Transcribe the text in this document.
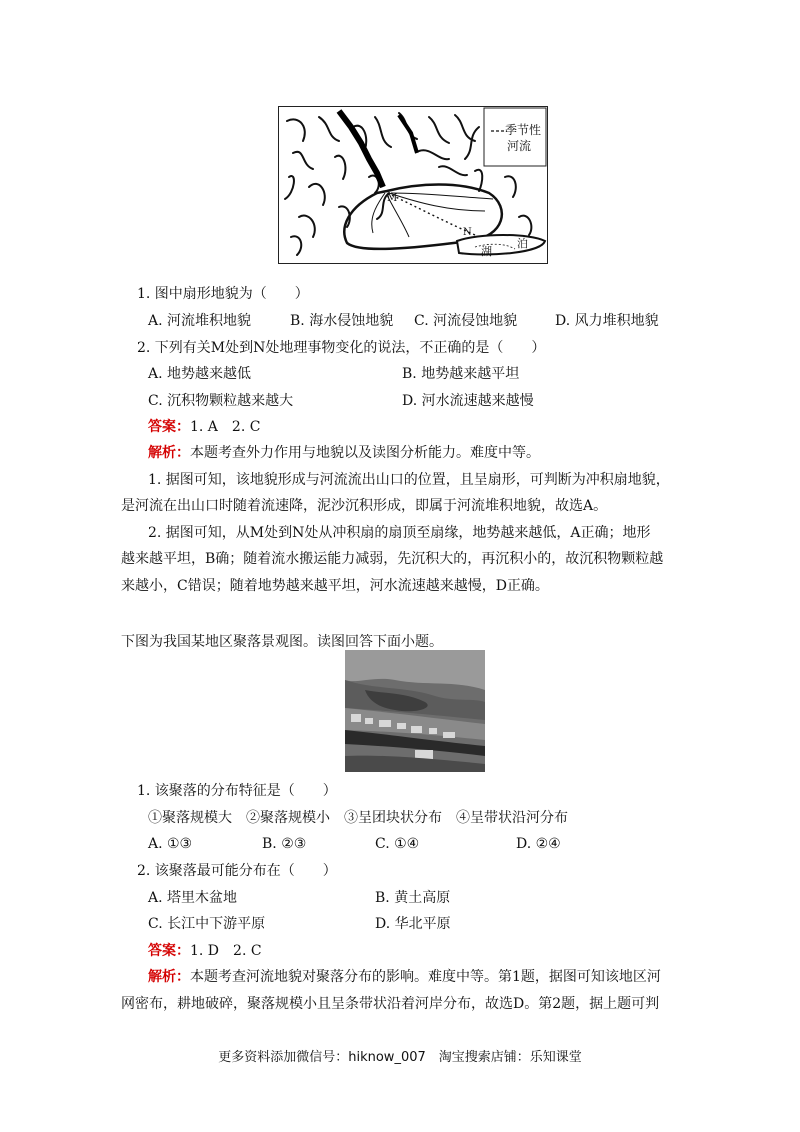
季节性
河流
M
N
湖
泊
1. 图中扇形地貌为（　　）
A. 河流堆积地貌	B. 海水侵蚀地貌 C. 河流侵蚀地貌	D. 风力堆积地貌
2. 下列有关M处到N处地理事物变化的说法，不正确的是（　　）
A. 地势越来越低	B. 地势越来越平坦
C. 沉积物颗粒越来越大	D. 河水流速越来越慢
答案：1. A　2. C
解析：本题考查外力作用与地貌以及读图分析能力。难度中等。
1. 据图可知，该地貌形成与河流流出山口的位置，且呈扇形，可判断为冲积扇地貌，
是河流在出山口时随着流速降，泥沙沉积形成，即属于河流堆积地貌，故选A。
2. 据图可知，从M处到N处从冲积扇的扇顶至扇缘，地势越来越低，A正确；地形
越来越平坦，B确；随着流水搬运能力减弱，先沉积大的，再沉积小的，故沉积物颗粒越
来越小，C错误；随着地势越来越平坦，河水流速越来越慢，D正确。
下图为我国某地区聚落景观图。读图回答下面小题。
1. 该聚落的分布特征是（　　）
①聚落规模大　②聚落规模小　③呈团块状分布　④呈带状沿河分布
A. ①③	B. ②③	C. ①④	D. ②④
2. 该聚落最可能分布在（　　）
A. 塔里木盆地	B. 黄土高原
C. 长江中下游平原	D. 华北平原
答案：1. D　2. C
解析：本题考查河流地貌对聚落分布的影响。难度中等。第1题，据图可知该地区河
网密布，耕地破碎，聚落规模小且呈条带状沿着河岸分布，故选D。第2题，据上题可判
更多资料添加微信号：hiknow_007　淘宝搜索店铺：乐知课堂
